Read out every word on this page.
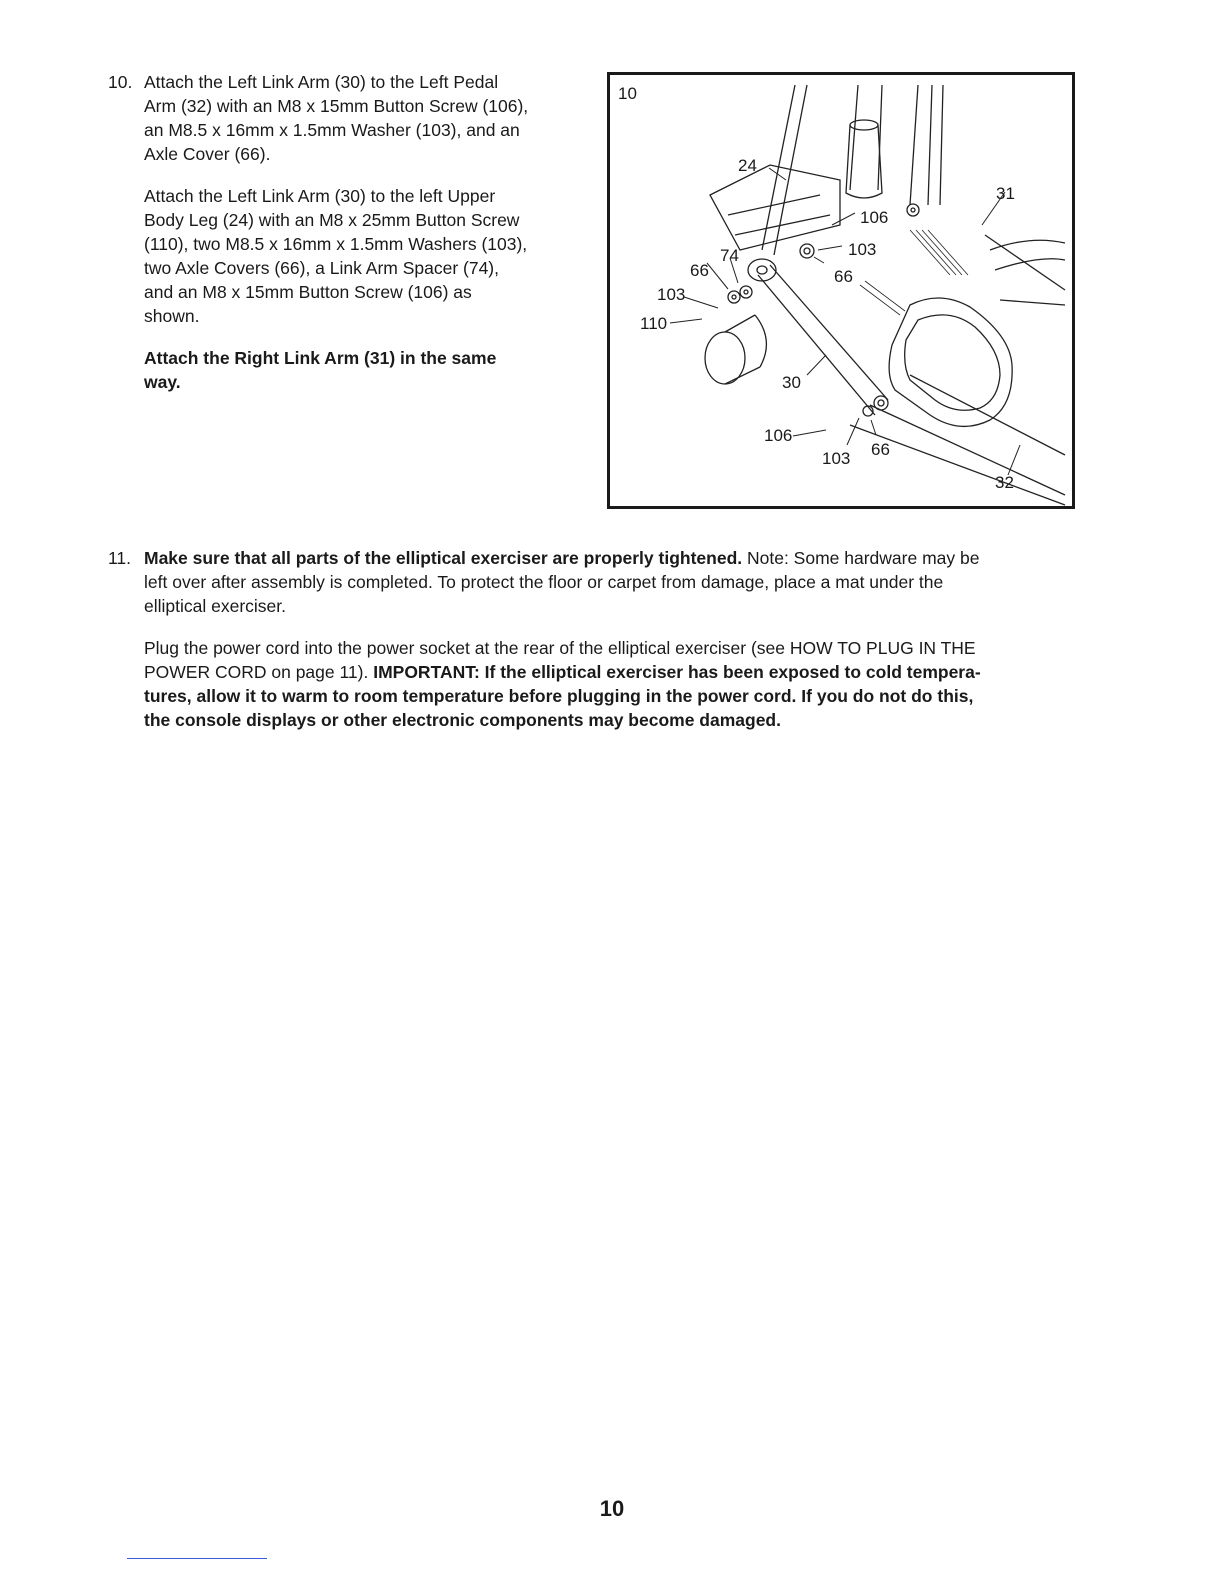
10. Attach the Left Link Arm (30) to the Left Pedal
Arm (32) with an M8 x 15mm Button Screw (106),
an M8.5 x 16mm x 1.5mm Washer (103), and an
Axle Cover (66).
Attach the Left Link Arm (30) to the left Upper
Body Leg (24) with an M8 x 25mm Button Screw
(110), two M8.5 x 16mm x 1.5mm Washers (103),
two Axle Covers (66), a Link Arm Spacer (74),
and an M8 x 15mm Button Screw (106) as
shown.
Attach the Right Link Arm (31) in the same
way.
10
24
31
106
103
74
66	66
103
110
30
106
103 66
32
11. Make sure that all parts of the elliptical exerciser are properly tightened. Note: Some hardware may be
left over after assembly is completed. To protect the floor or carpet from damage, place a mat under the
elliptical exerciser.
Plug the power cord into the power socket at the rear of the elliptical exerciser (see HOW TO PLUG IN THE
POWER CORD on page 11). IMPORTANT: If the elliptical exerciser has been exposed to cold tempera-
tures, allow it to warm to room temperature before plugging in the power cord. If you do not do this,
the console displays or other electronic components may become damaged.
10
